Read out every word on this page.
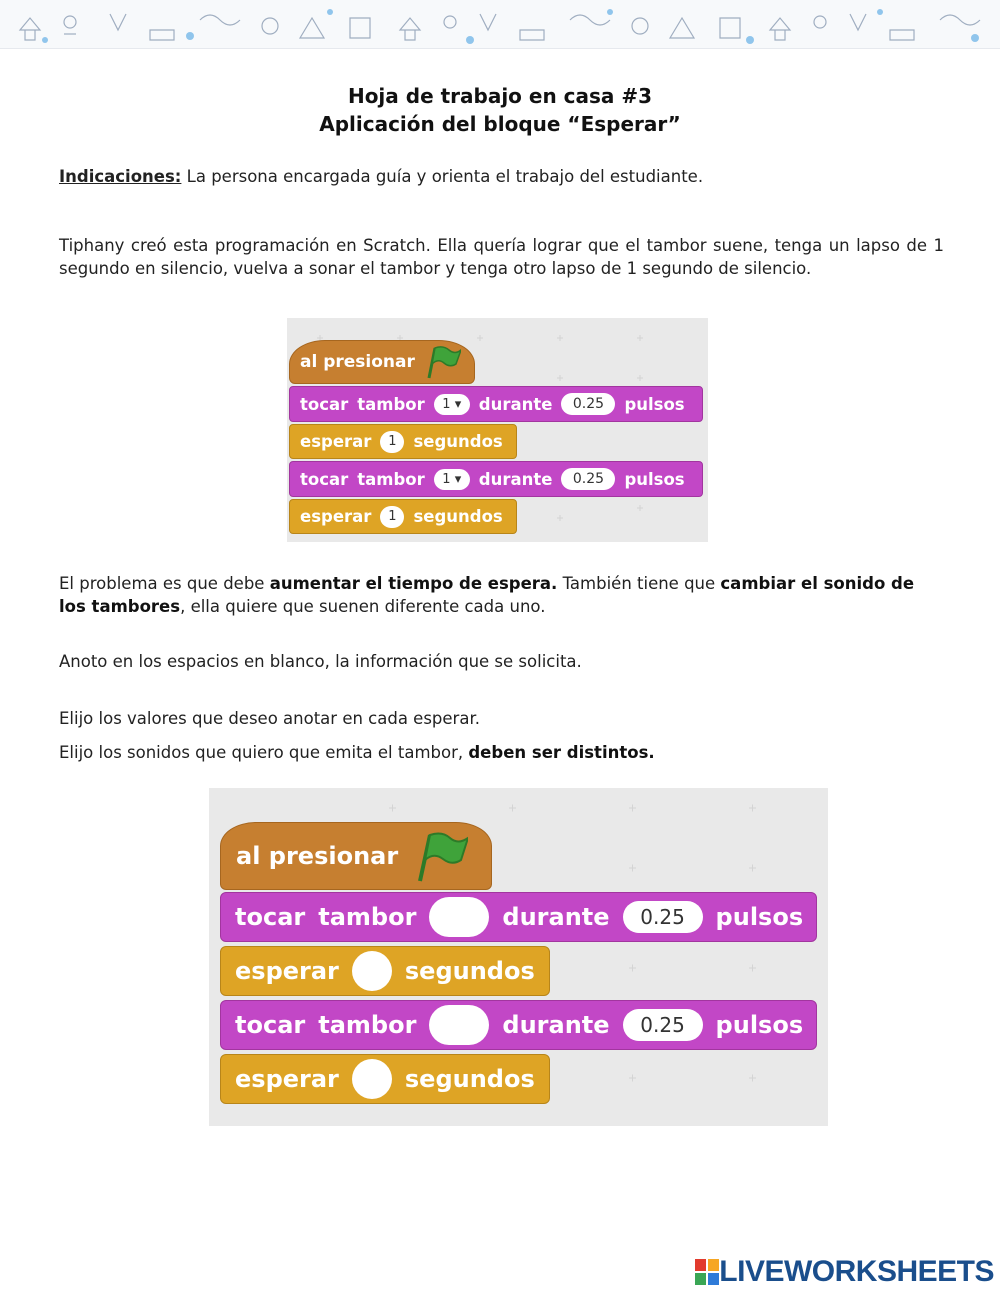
Hoja de trabajo en casa #3
Aplicación del bloque “Esperar”
Indicaciones: La persona encargada guía y orienta el trabajo del estudiante.
Tiphany creó esta programación en Scratch. Ella quería lograr que el tambor suene, tenga un lapso de 1 segundo en silencio, vuelva a sonar el tambor y tenga otro lapso de 1 segundo de silencio.
al presionar
tocar tambor 1 ▾	durante	0.25	pulsos
esperar	1	segundos
tocar tambor 1 ▾	durante	0.25	pulsos
esperar	1	segundos
El problema es que debe aumentar el tiempo de espera. También tiene que cambiar el sonido de los tambores, ella quiere que suenen diferente cada uno.
Anoto en los espacios en blanco, la información que se solicita.
Elijo los valores que deseo anotar en cada esperar.
Elijo los sonidos que quiero que emita el tambor, deben ser distintos.
al presionar
tocar tambor	durante	0.25	pulsos
esperar	segundos
tocar tambor	durante	0.25	pulsos
esperar	segundos
LIVEWORKSHEETS
